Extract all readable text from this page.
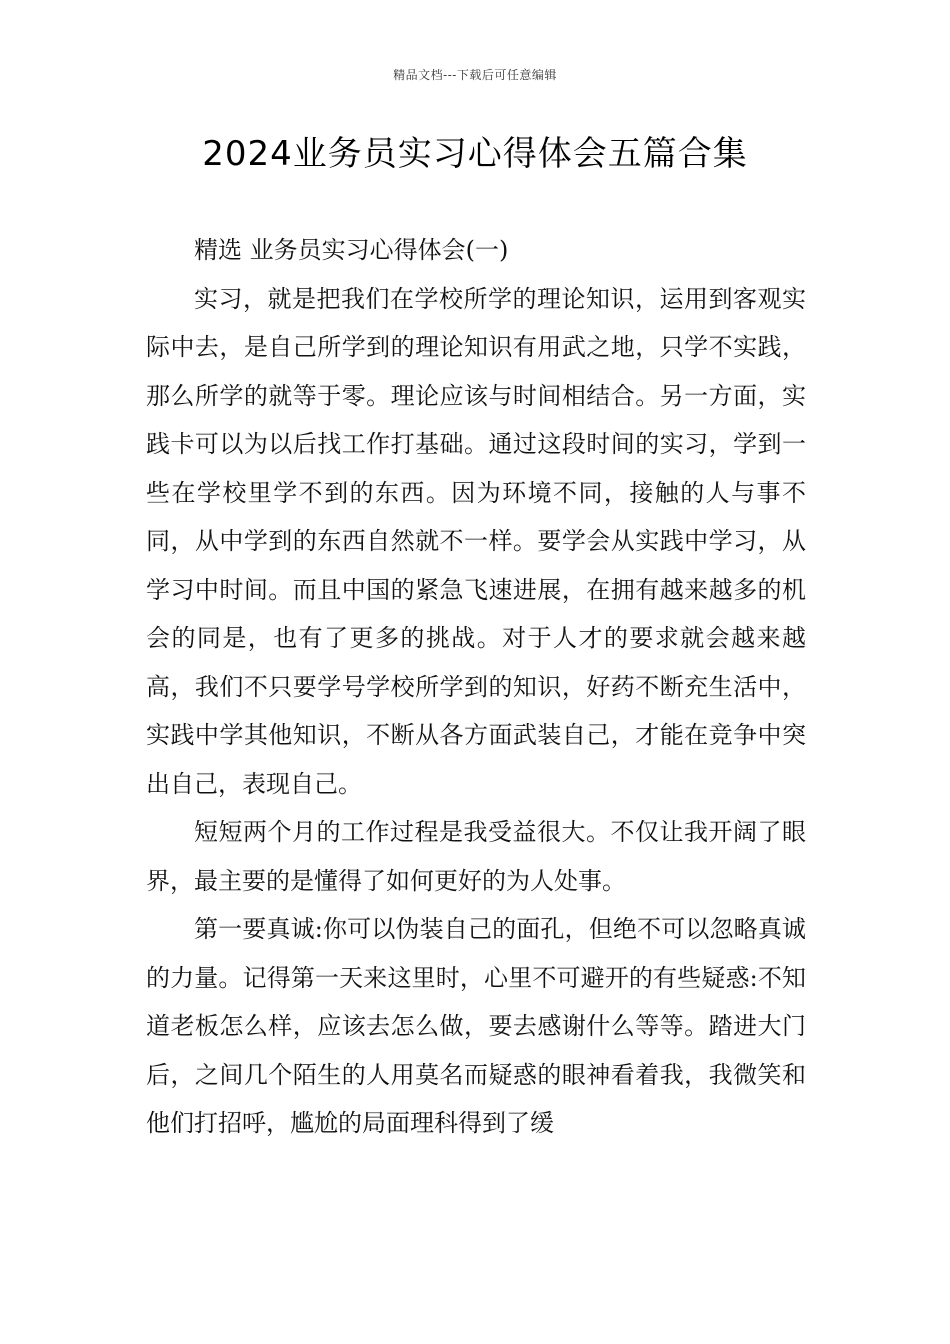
精品文档---下载后可任意编辑
2024业务员实习心得体会五篇合集

精选 业务员实习心得体会(一)

实习，就是把我们在学校所学的理论知识，运用到客观实际中去，是自己所学到的理论知识有用武之地，只学不实践，那么所学的就等于零。理论应该与时间相结合。另一方面，实践卡可以为以后找工作打基础。通过这段时间的实习，学到一些在学校里学不到的东西。因为环境不同，接触的人与事不同，从中学到的东西自然就不一样。要学会从实践中学习，从学习中时间。而且中国的紧急飞速进展，在拥有越来越多的机会的同是，也有了更多的挑战。对于人才的要求就会越来越高，我们不只要学号学校所学到的知识，好药不断充生活中，实践中学其他知识，不断从各方面武装自己，才能在竞争中突出自己，表现自己。

短短两个月的工作过程是我受益很大。不仅让我开阔了眼界，最主要的是懂得了如何更好的为人处事。

第一要真诚:你可以伪装自己的面孔，但绝不可以忽略真诚的力量。记得第一天来这里时，心里不可避开的有些疑惑:不知道老板怎么样，应该去怎么做，要去感谢什么等等。踏进大门后，之间几个陌生的人用莫名而疑惑的眼神看着我，我微笑和他们打招呼，尴尬的局面理科得到了缓
